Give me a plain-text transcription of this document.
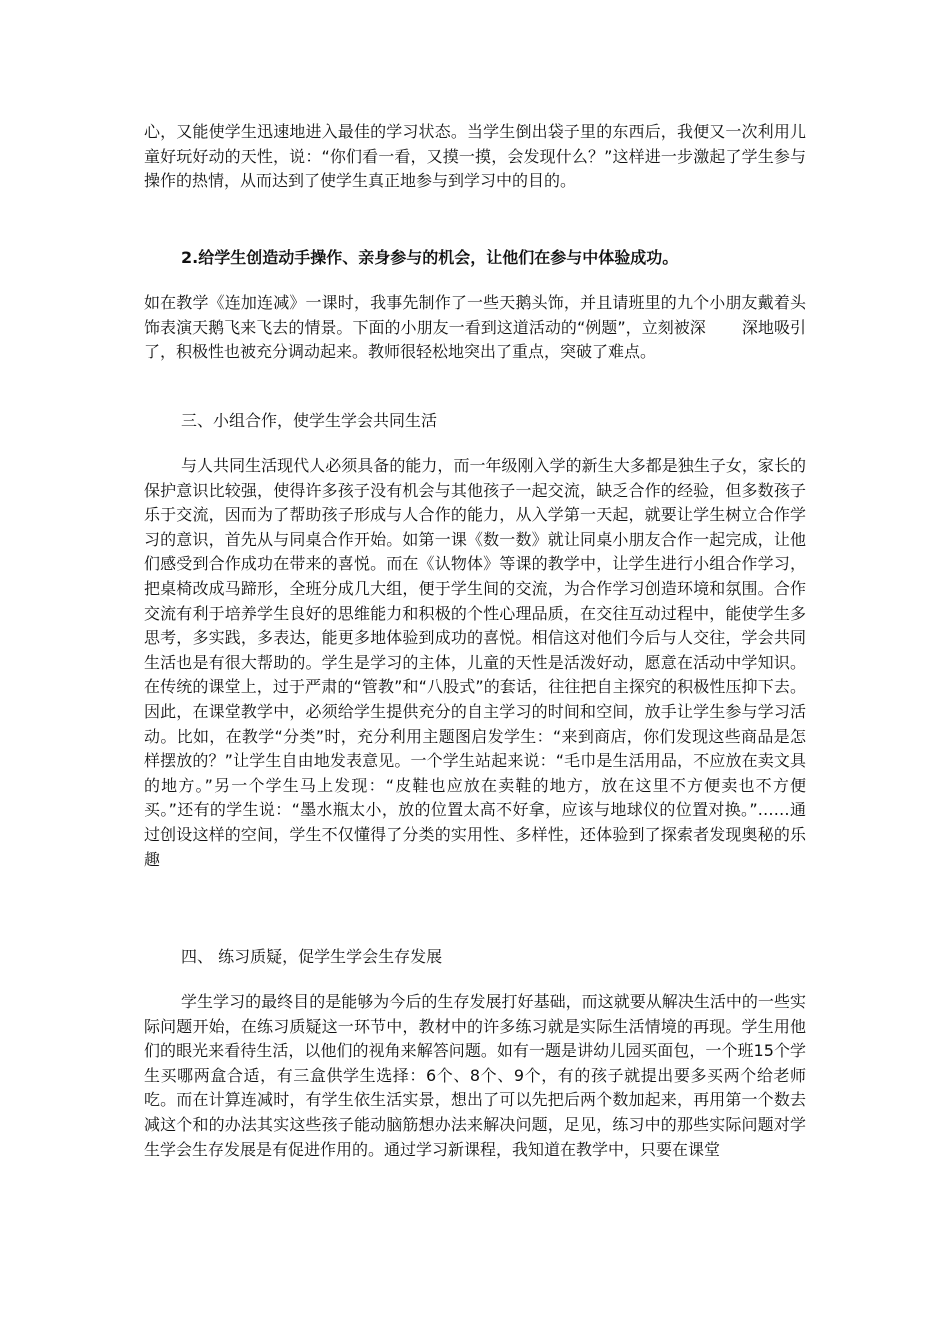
心，又能使学生迅速地进入最佳的学习状态。当学生倒出袋子里的东西后，我便又一次利用儿童好玩好动的天性，说：“你们看一看，又摸一摸，会发现什么？”这样进一步激起了学生参与操作的热情，从而达到了使学生真正地参与到学习中的目的。

2.给学生创造动手操作、亲身参与的机会，让他们在参与中体验成功。

如在教学《连加连减》一课时，我事先制作了一些天鹅头饰，并且请班里的九个小朋友戴着头饰表演天鹅飞来飞去的情景。下面的小朋友一看到这道活动的“例题”，立刻被深 深地吸引了，积极性也被充分调动起来。教师很轻松地突出了重点，突破了难点。

三、小组合作，使学生学会共同生活

与人共同生活现代人必须具备的能力，而一年级刚入学的新生大多都是独生子女，家长的保护意识比较强，使得许多孩子没有机会与其他孩子一起交流，缺乏合作的经验，但多数孩子乐于交流，因而为了帮助孩子形成与人合作的能力，从入学第一天起，就要让学生树立合作学习的意识，首先从与同桌合作开始。如第一课《数一数》就让同桌小朋友合作一起完成，让他们感受到合作成功在带来的喜悦。而在《认物体》等课的教学中，让学生进行小组合作学习，把桌椅改成马蹄形，全班分成几大组，便于学生间的交流，为合作学习创造环境和氛围。合作交流有利于培养学生良好的思维能力和积极的个性心理品质，在交往互动过程中，能使学生多思考，多实践，多表达，能更多地体验到成功的喜悦。相信这对他们今后与人交往，学会共同生活也是有很大帮助的。学生是学习的主体，儿童的天性是活泼好动，愿意在活动中学知识。在传统的课堂上，过于严肃的“管教”和“八股式”的套话，往往把自主探究的积极性压抑下去。因此，在课堂教学中，必须给学生提供充分的自主学习的时间和空间，放手让学生参与学习活动。比如，在教学“分类”时，充分利用主题图启发学生：“来到商店，你们发现这些商品是怎样摆放的？”让学生自由地发表意见。一个学生站起来说：“毛巾是生活用品，不应放在卖文具的地方。”另一个学生马上发现：“皮鞋也应放在卖鞋的地方，放在这里不方便卖也不方便买。”还有的学生说：“墨水瓶太小，放的位置太高不好拿，应该与地球仪的位置对换。”……通过创设这样的空间，学生不仅懂得了分类的实用性、多样性，还体验到了探索者发现奥秘的乐趣

四、 练习质疑，促学生学会生存发展

学生学习的最终目的是能够为今后的生存发展打好基础，而这就要从解决生活中的一些实际问题开始，在练习质疑这一环节中，教材中的许多练习就是实际生活情境的再现。学生用他们的眼光来看待生活，以他们的视角来解答问题。如有一题是讲幼儿园买面包，一个班15个学生买哪两盒合适，有三盒供学生选择：6个、8个、9个，有的孩子就提出要多买两个给老师吃。而在计算连减时，有学生依生活实景，想出了可以先把后两个数加起来，再用第一个数去减这个和的办法其实这些孩子能动脑筋想办法来解决问题，足见，练习中的那些实际问题对学生学会生存发展是有促进作用的。通过学习新课程，我知道在教学中，只要在课堂
